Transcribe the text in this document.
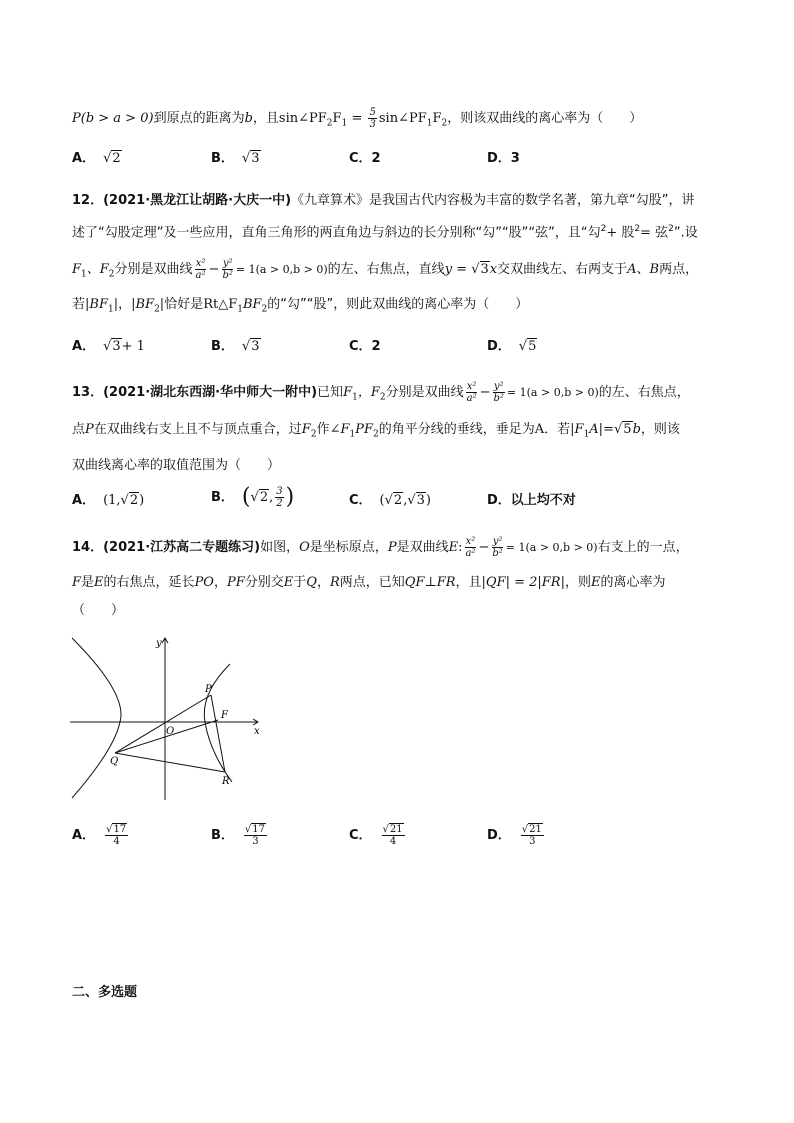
P(b > a > 0)到原点的距离为b，且$\sin\angle PF_2F_1 = \frac{5}{3}$ $\sin\angle PF_1F_2$，则该双曲线的离心率为（　　）
A． √2	B． √3	C．2	D．3
12．(2021·黑龙江让胡路·大庆一中)《九章算术》是我国古代内容极为丰富的数学名著，第九章“勾股”，讲
述了“勾股定理”及一些应用，直角三角形的两直角边与斜边的长分别称“勾”“股”“弦”，且“勾$^2$+ 股$^2$= 弦$^2$”.设
$F_1$、$F_2$分别是双曲线 $\frac{\text{x²}}{\text{a²}} - \frac{\text{y²}}{\text{b²}} = 1(a > 0,b > 0)$的左、右焦点，直线y = √3x交双曲线左、右两支于A、B两点，
若$|BF_1|$，$|BF_2|$恰好是$Rt\triangle F_1BF_2$的“勾”“股”，则此双曲线的离心率为（　　）
A． √3+ 1	B． √3	C．2	D． √5
13．(2021·湖北东西湖·华中师大一附中)已知$F_1$，$F_2$分别是双曲线 $\frac{\text{x²}}{\text{a²}} - \frac{\text{y²}}{\text{b²}} = 1(a > 0,b > 0)$的左、右焦点，
点P在双曲线右支上且不与顶点重合，过$F_2$作$\angle F_1PF_2$的角平分线的垂线，垂足为A．若$|F_1A|=√5b$，则该
双曲线离心率的取值范围为（　　）
A． (1,√2)	B． (√2, $\frac{3}{2}$ )	C． (√2,√3)	D．以上均不对
14．(2021·江苏高二专题练习)如图，O是坐标原点，P是双曲线E: $\frac{\text{x²}}{\text{a²}} - \frac{\text{y²}}{\text{b²}} = 1(a > 0,b > 0)$右支上的一点，
F是E的右焦点，延长PO，PF分别交E于Q，R两点，已知QF⊥FR，且|QF| = 2|FR|，则E的离心率为
（　　）
y
P
F
O	x
Q
R
A． $\frac{√17}{4}$	B． $\frac{√17}{3}$	C． $\frac{√21}{4}$	D． $\frac{√21}{3}$
二、多选题
